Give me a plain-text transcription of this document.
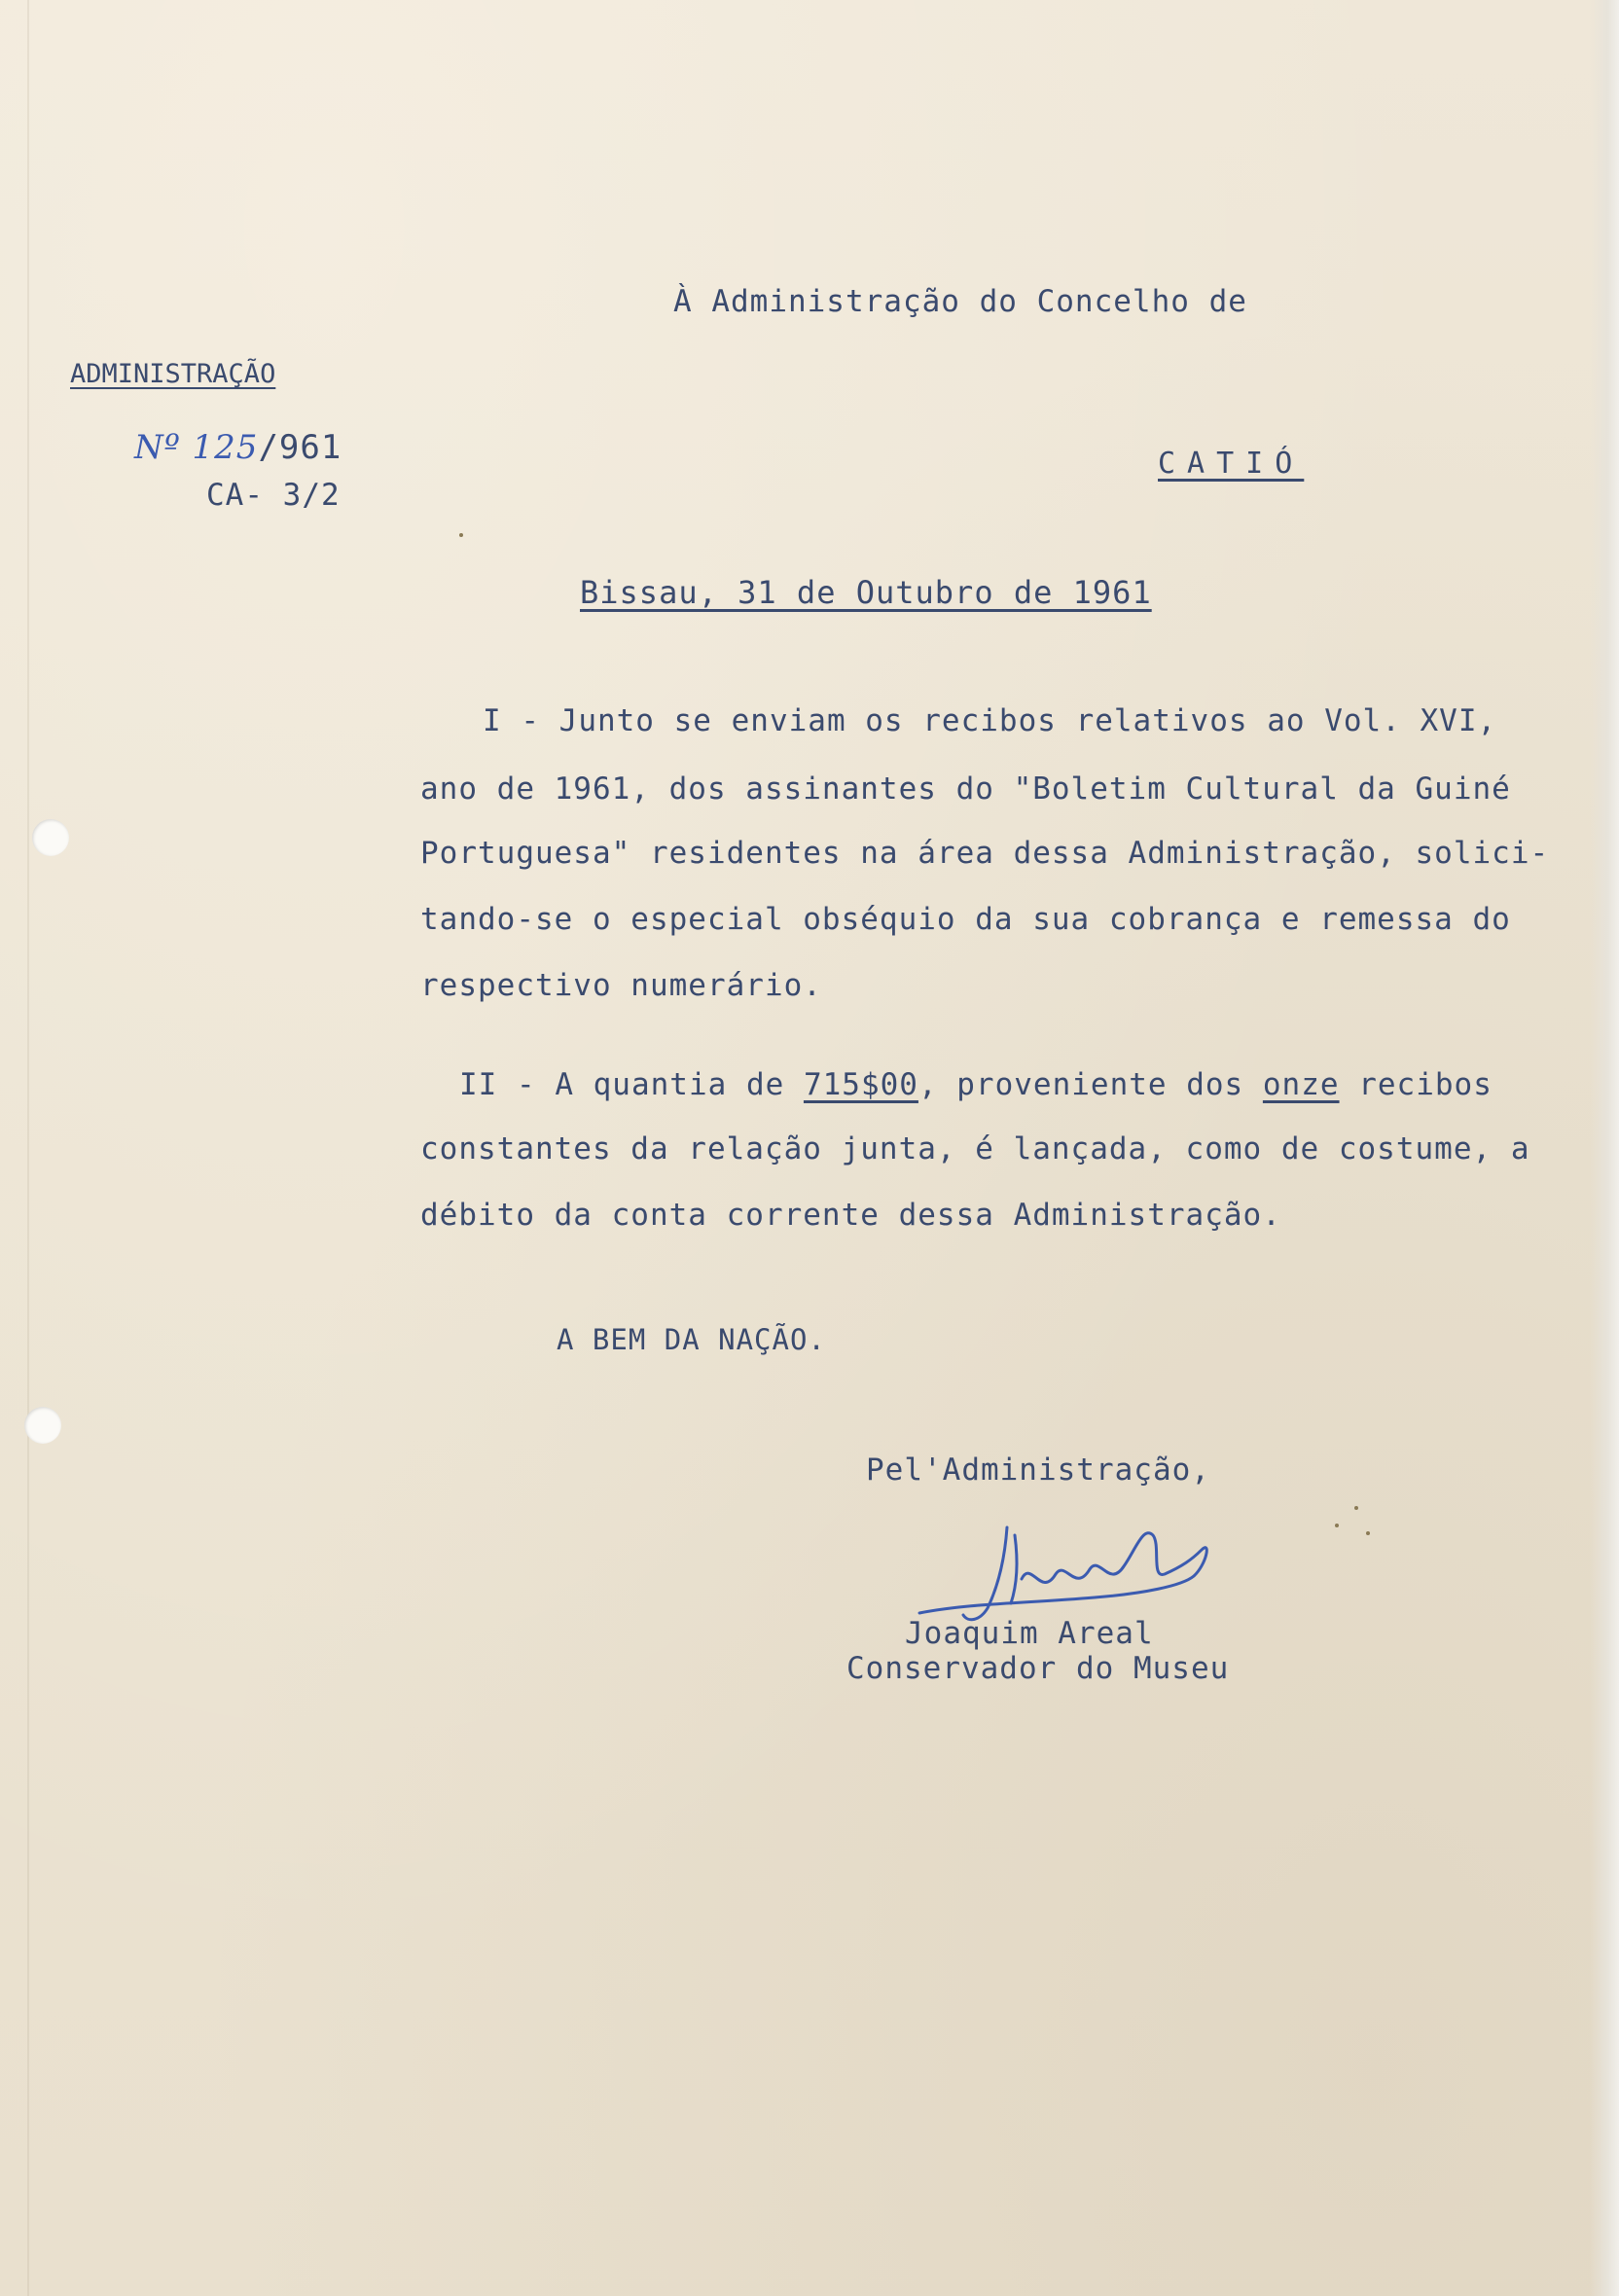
À Administração do Concelho de
ADMINISTRAÇÃO
Nº 125/961
CA- 3/2
CATIÓ
Bissau, 31 de Outubro de 1961
I - Junto se enviam os recibos relativos ao Vol. XVI,
ano de 1961, dos assinantes do "Boletim Cultural da Guiné
Portuguesa" residentes na área dessa Administração, solici-
tando-se o especial obséquio da sua cobrança e remessa do
respectivo numerário.
II - A quantia de 715$00, proveniente dos onze recibos
constantes da relação junta, é lançada, como de costume, a
débito da conta corrente dessa Administração.
A BEM DA NAÇÃO.
Pel'Administração,
Joaquim Areal
Conservador do Museu
